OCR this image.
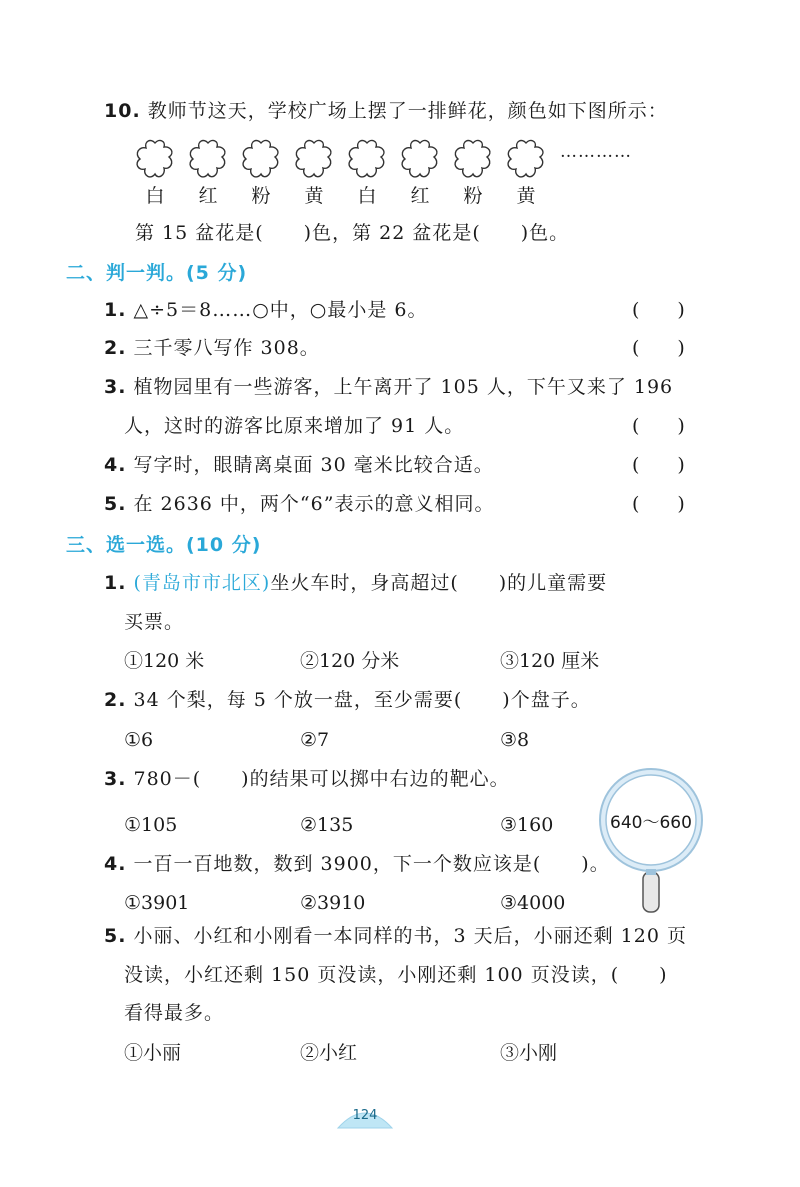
10. 教师节这天，学校广场上摆了一排鲜花，颜色如下图所示：
…………
白	红	粉	黄	白	红	粉	黄
第 15 盆花是(　　)色，第 22 盆花是(　　)色。
二、判一判。(5 分)
1. △÷5＝8……○中，○最小是 6。	(　　)
2. 三千零八写作 308。	(　　)
3. 植物园里有一些游客，上午离开了 105 人，下午又来了 196
人，这时的游客比原来增加了 91 人。	(　　)
4. 写字时，眼睛离桌面 30 毫米比较合适。	(　　)
5. 在 2636 中，两个“6”表示的意义相同。	(　　)
三、选一选。(10 分)
1. (青岛市市北区)坐火车时，身高超过(　　)的儿童需要
买票。
①120 米	②120 分米	③120 厘米
2. 34 个梨，每 5 个放一盘，至少需要(　　)个盘子。
①6	②7	③8
3. 780－(　　)的结果可以掷中右边的靶心。
①105	②135	③160	640～660
4. 一百一百地数，数到 3900，下一个数应该是(　　)。
①3901	②3910	③4000
5. 小丽、小红和小刚看一本同样的书，3 天后，小丽还剩 120 页
没读，小红还剩 150 页没读，小刚还剩 100 页没读，(　　)
看得最多。
①小丽	②小红	③小刚
124
